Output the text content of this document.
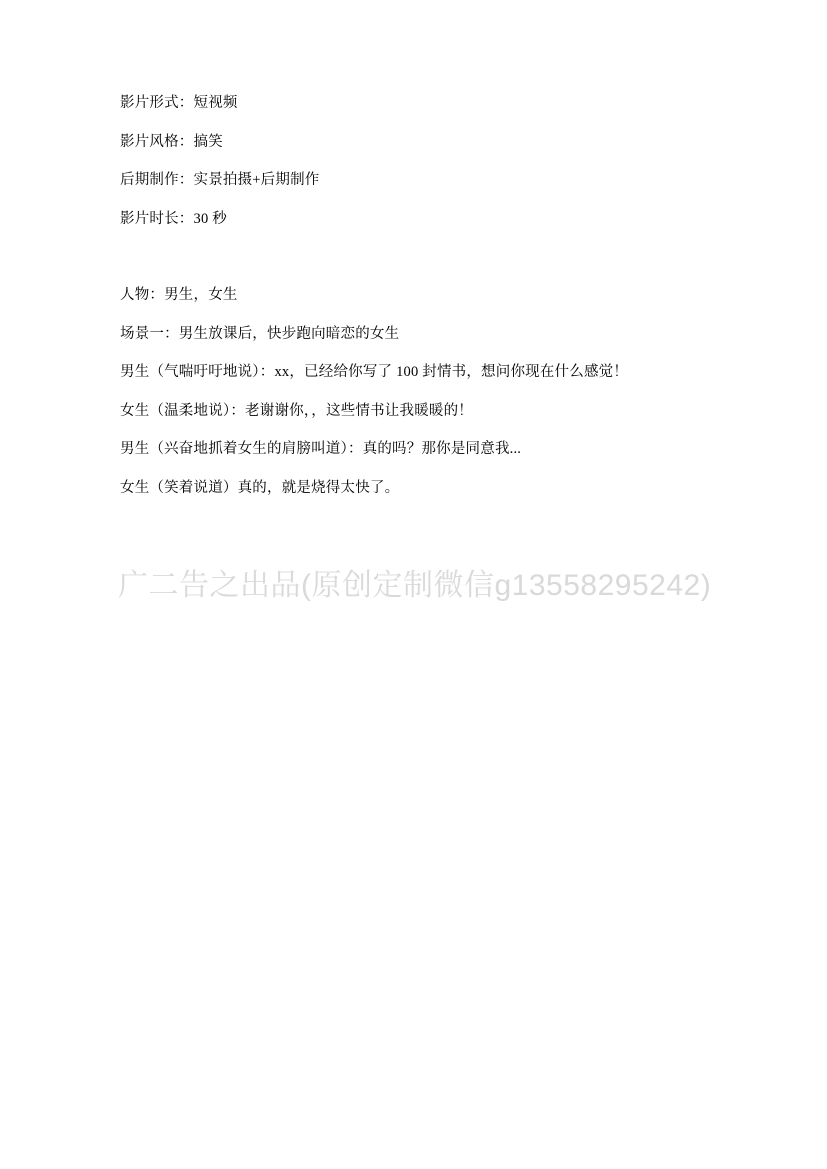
影片形式：短视频

影片风格：搞笑

后期制作：实景拍摄+后期制作

影片时长：30 秒

人物：男生，女生

场景一：男生放课后，快步跑向暗恋的女生

男生（气喘吁吁地说）：xx，已经给你写了 100 封情书，想问你现在什么感觉！

女生（温柔地说）：老谢谢你，，这些情书让我暖暖的！

男生（兴奋地抓着女生的肩膀叫道）：真的吗？那你是同意我...

女生（笑着说道）真的，就是烧得太快了。

广二告之出品(原创定制微信g13558295242)
